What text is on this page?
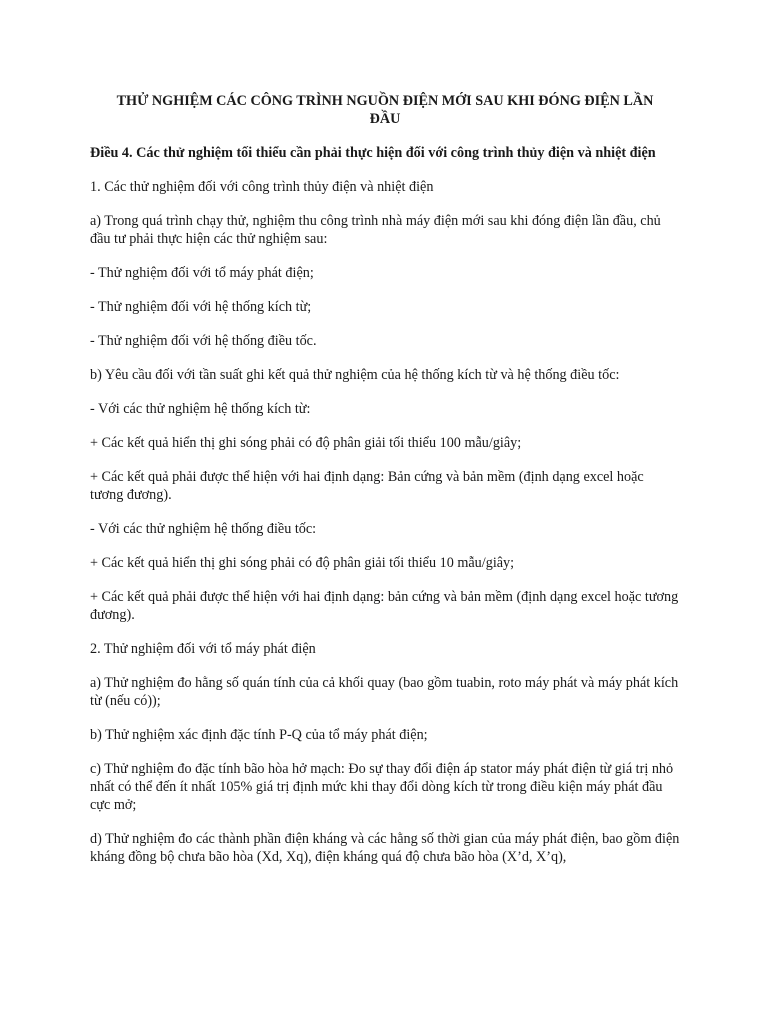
THỬ NGHIỆM CÁC CÔNG TRÌNH NGUỒN ĐIỆN MỚI SAU KHI ĐÓNG ĐIỆN LẦN ĐẦU
Điều 4. Các thử nghiệm tối thiểu cần phải thực hiện đối với công trình thủy điện và nhiệt điện

1. Các thử nghiệm đối với công trình thủy điện và nhiệt điện

a) Trong quá trình chạy thử, nghiệm thu công trình nhà máy điện mới sau khi đóng điện lần đầu, chủ đầu tư phải thực hiện các thử nghiệm sau:

- Thử nghiệm đối với tổ máy phát điện;

- Thử nghiệm đối với hệ thống kích từ;

- Thử nghiệm đối với hệ thống điều tốc.

b) Yêu cầu đối với tần suất ghi kết quả thử nghiệm của hệ thống kích từ và hệ thống điều tốc:

- Với các thử nghiệm hệ thống kích từ:

+ Các kết quả hiển thị ghi sóng phải có độ phân giải tối thiểu 100 mẫu/giây;

+ Các kết quả phải được thể hiện với hai định dạng: Bản cứng và bản mềm (định dạng excel hoặc tương đương).

- Với các thử nghiệm hệ thống điều tốc:

+ Các kết quả hiển thị ghi sóng phải có độ phân giải tối thiểu 10 mẫu/giây;

+ Các kết quả phải được thể hiện với hai định dạng: bản cứng và bản mềm (định dạng excel hoặc tương đương).

2. Thử nghiệm đối với tổ máy phát điện

a) Thử nghiệm đo hằng số quán tính của cả khối quay (bao gồm tuabin, roto máy phát và máy phát kích từ (nếu có));

b) Thử nghiệm xác định đặc tính P-Q của tổ máy phát điện;

c) Thử nghiệm đo đặc tính bão hòa hở mạch: Đo sự thay đổi điện áp stator máy phát điện từ giá trị nhỏ nhất có thể đến ít nhất 105% giá trị định mức khi thay đổi dòng kích từ trong điều kiện máy phát đầu cực mở;

d) Thử nghiệm đo các thành phần điện kháng và các hằng số thời gian của máy phát điện, bao gồm điện kháng đồng bộ chưa bão hòa (Xd, Xq), điện kháng quá độ chưa bão hòa (X’d, X’q),
